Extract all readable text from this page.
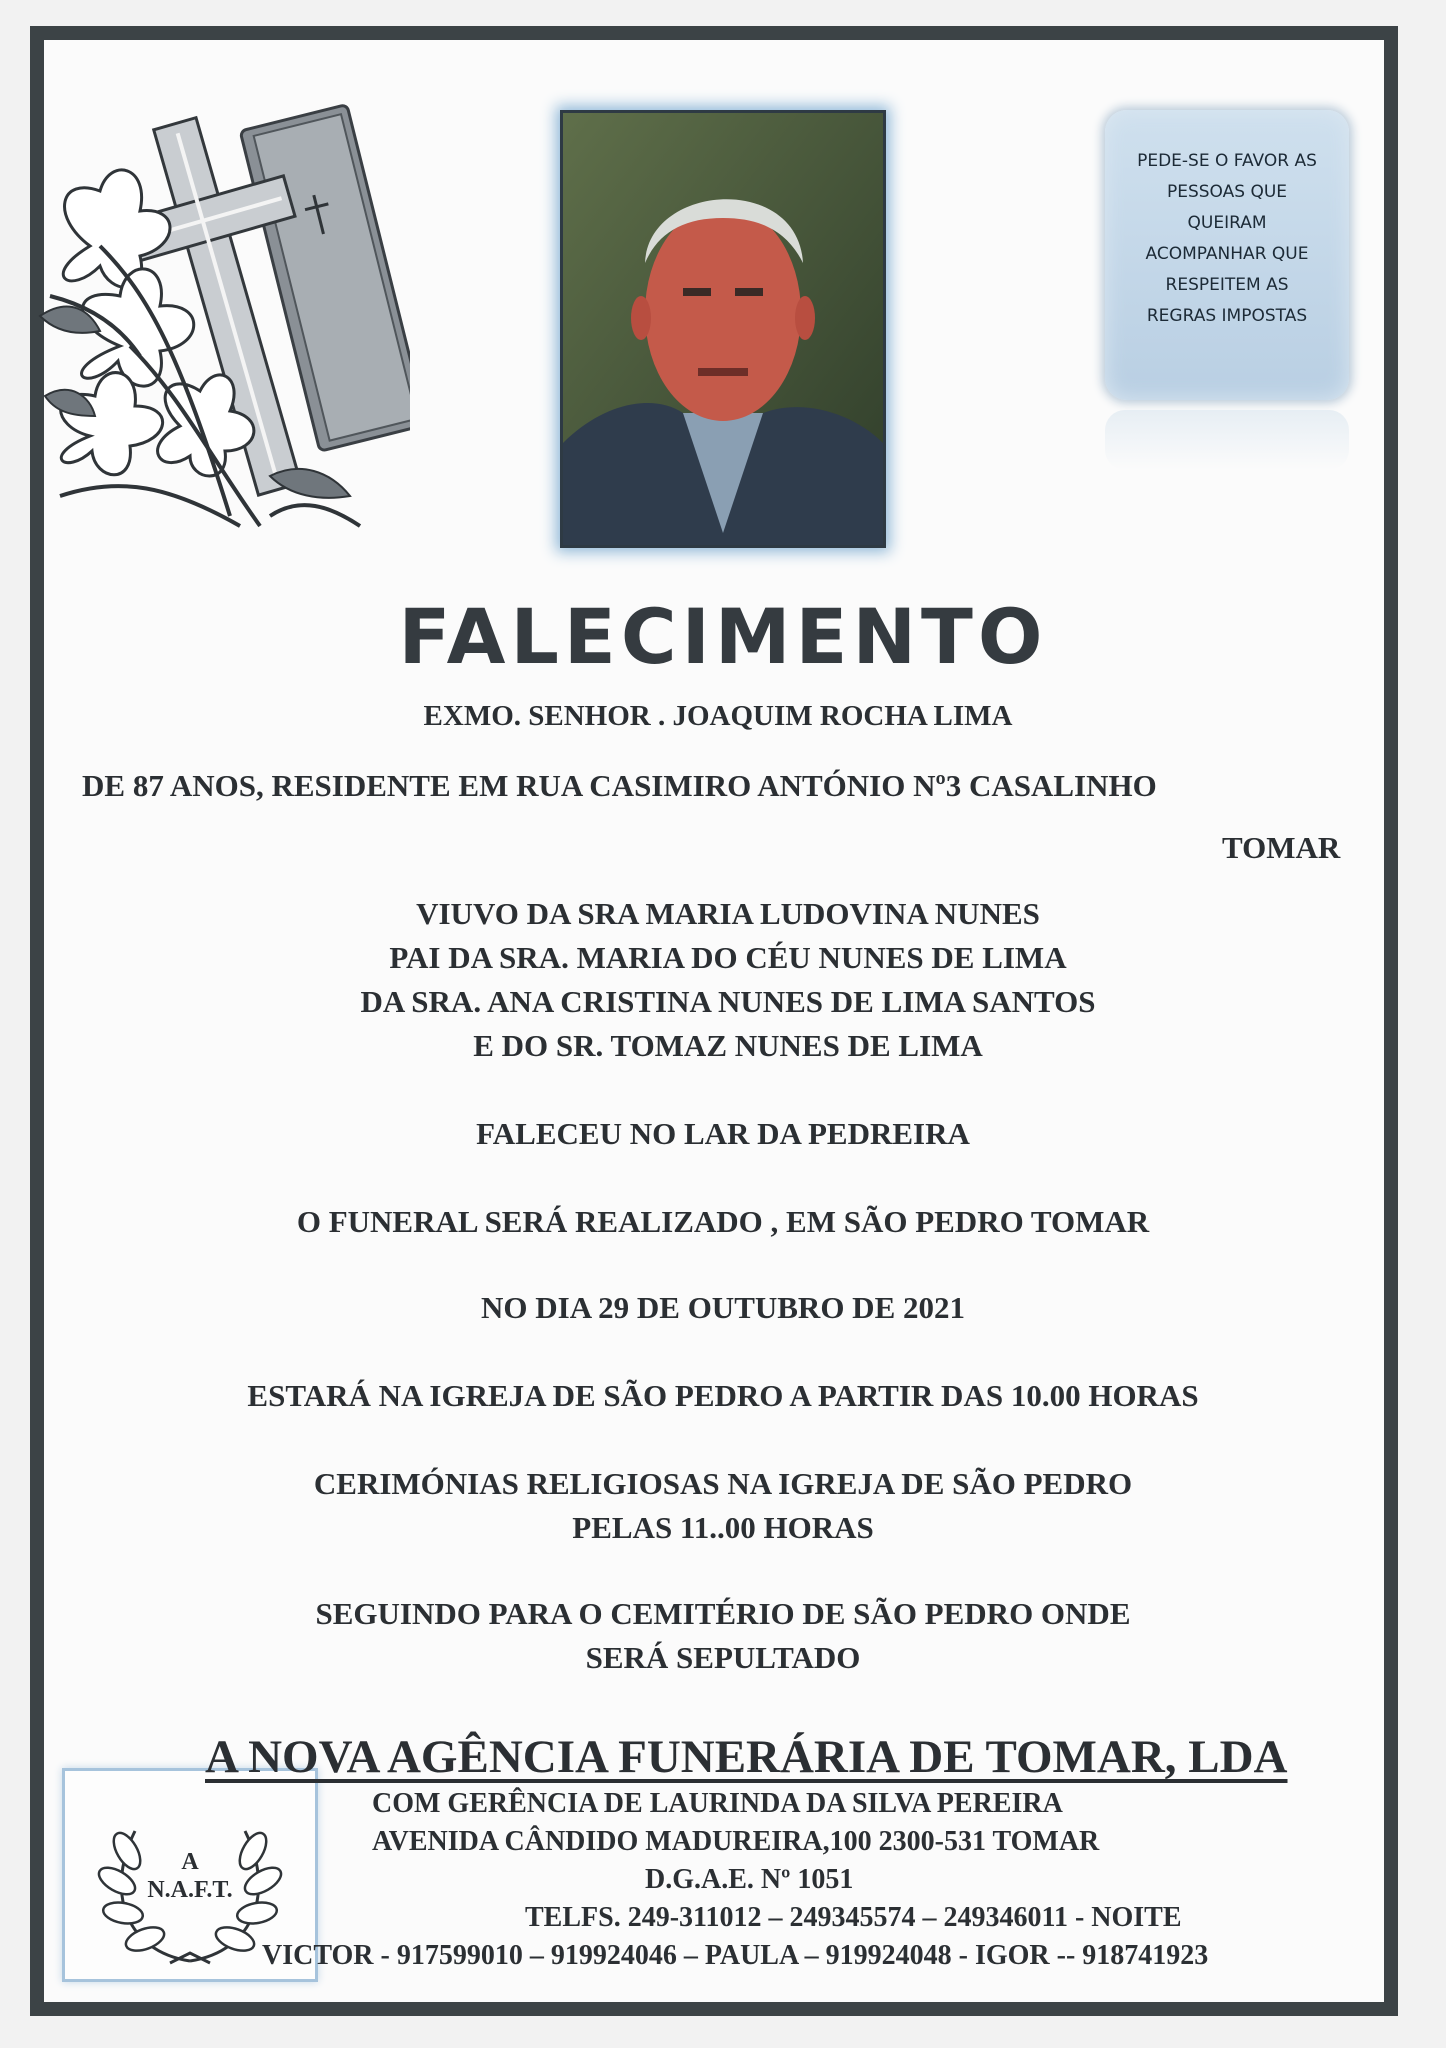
PEDE-SE O FAVOR AS
PESSOAS QUE
QUEIRAM
ACOMPANHAR QUE
RESPEITEM AS
REGRAS IMPOSTAS
FALECIMENTO
EXMO. SENHOR . JOAQUIM ROCHA LIMA
DE 87 ANOS, RESIDENTE EM RUA CASIMIRO ANTÓNIO Nº3 CASALINHO
TOMAR
VIUVO DA SRA MARIA LUDOVINA NUNES
PAI DA SRA. MARIA DO CÉU NUNES DE LIMA
DA SRA. ANA CRISTINA NUNES DE LIMA SANTOS
E DO SR. TOMAZ NUNES DE LIMA
FALECEU NO LAR DA PEDREIRA
O FUNERAL SERÁ REALIZADO , EM SÃO PEDRO TOMAR
NO DIA 29 DE OUTUBRO DE 2021
ESTARÁ NA IGREJA DE SÃO PEDRO A PARTIR DAS 10.00 HORAS
CERIMÓNIAS RELIGIOSAS NA IGREJA DE SÃO PEDRO
PELAS 11..00 HORAS
SEGUINDO PARA O CEMITÉRIO DE SÃO PEDRO ONDE
SERÁ SEPULTADO
A
N.A.F.T.
A NOVA AGÊNCIA FUNERÁRIA DE TOMAR, LDA
COM GERÊNCIA DE LAURINDA DA SILVA PEREIRA
AVENIDA CÂNDIDO MADUREIRA,100 2300-531 TOMAR
D.G.A.E. Nº 1051
TELFS. 249-311012 – 249345574 – 249346011 - NOITE
VICTOR - 917599010 – 919924046 – PAULA – 919924048 - IGOR -- 918741923
